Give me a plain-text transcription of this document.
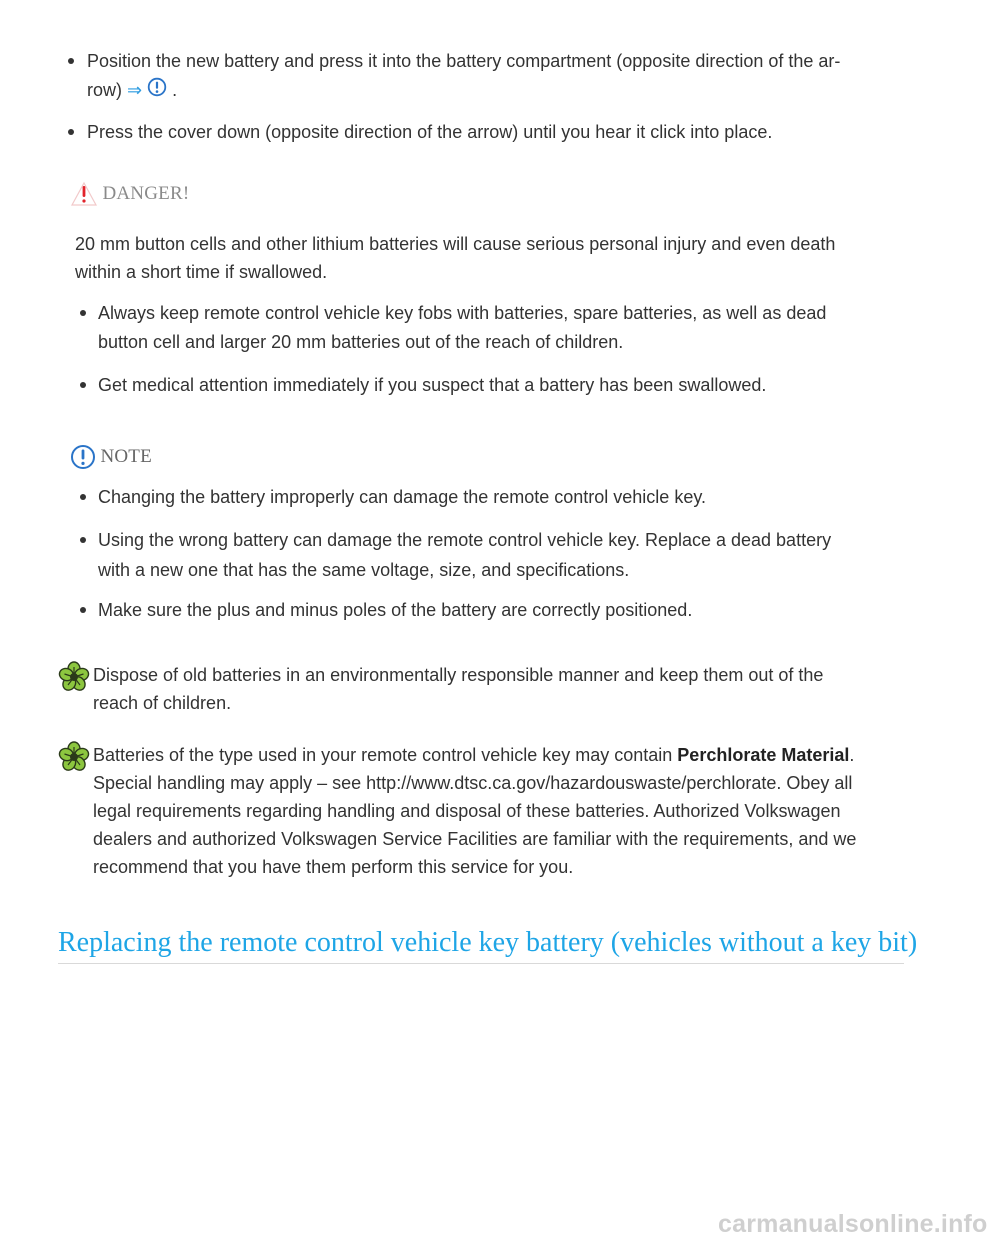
Position the new battery and press it into the battery compartment (opposite direction of the ar-
row) ⇒ .
Press the cover down (opposite direction of the arrow) until you hear it click into place.
DANGER!
20 mm button cells and other lithium batteries will cause serious personal injury and even death
within a short time if swallowed.
Always keep remote control vehicle key fobs with batteries, spare batteries, as well as dead
button cell and larger 20 mm batteries out of the reach of children.
Get medical attention immediately if you suspect that a battery has been swallowed.
NOTE
Changing the battery improperly can damage the remote control vehicle key.
Using the wrong battery can damage the remote control vehicle key. Replace a dead battery
with a new one that has the same voltage, size, and specifications.
Make sure the plus and minus poles of the battery are correctly positioned.
Dispose of old batteries in an environmentally responsible manner and keep them out of the
reach of children.
Batteries of the type used in your remote control vehicle key may contain Perchlorate Material.
Special handling may apply – see http://www.dtsc.ca.gov/hazardouswaste/perchlorate. Obey all
legal requirements regarding handling and disposal of these batteries. Authorized Volkswagen
dealers and authorized Volkswagen Service Facilities are familiar with the requirements, and we
recommend that you have them perform this service for you.
Replacing the remote control vehicle key battery (vehicles without a key bit)
carmanualsonline.info
